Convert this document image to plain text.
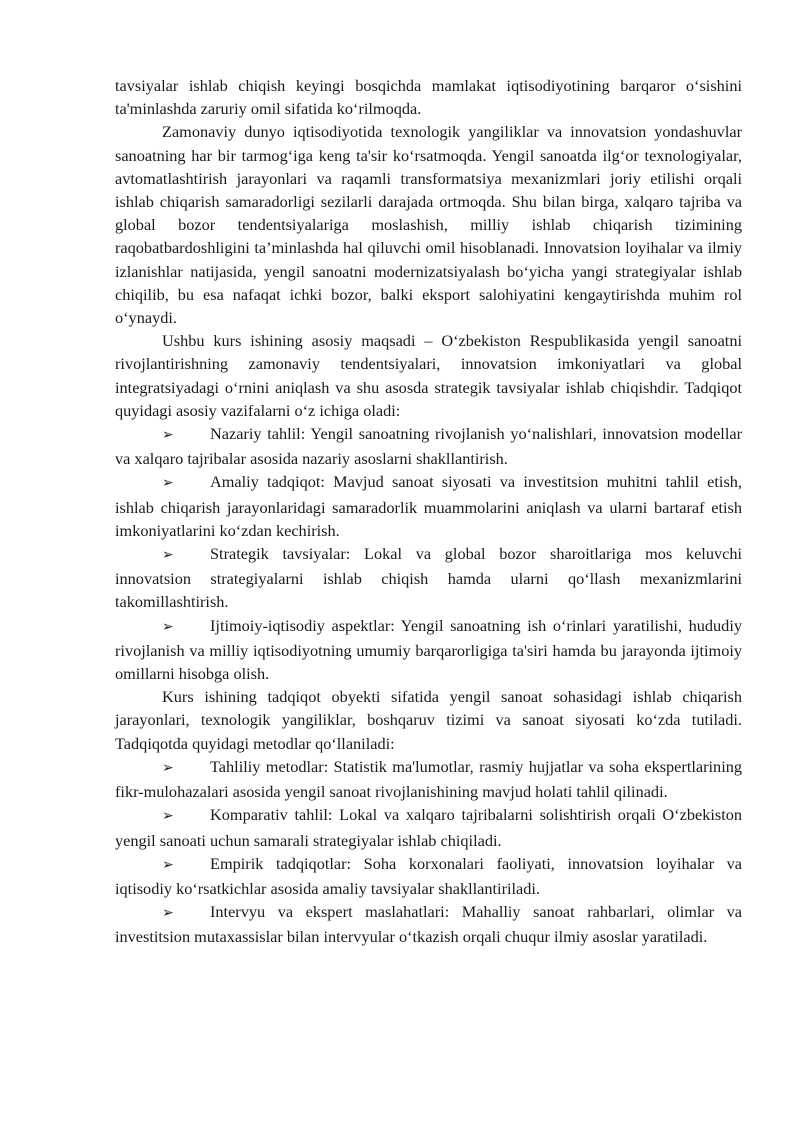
tavsiyalar ishlab chiqish keyingi bosqichda mamlakat iqtisodiyotining barqaror o‘sishini ta'minlashda zaruriy omil sifatida ko‘rilmoqda.

Zamonaviy dunyo iqtisodiyotida texnologik yangiliklar va innovatsion yondashuvlar sanoatning har bir tarmog‘iga keng ta'sir ko‘rsatmoqda. Yengil sanoatda ilg‘or texnologiyalar, avtomatlashtirish jarayonlari va raqamli transformatsiya mexanizmlari joriy etilishi orqali ishlab chiqarish samaradorligi sezilarli darajada ortmoqda. Shu bilan birga, xalqaro tajriba va global bozor tendentsiyalariga moslashish, milliy ishlab chiqarish tizimining raqobatbardoshligini ta’minlashda hal qiluvchi omil hisoblanadi. Innovatsion loyihalar va ilmiy izlanishlar natijasida, yengil sanoatni modernizatsiyalash bo‘yicha yangi strategiyalar ishlab chiqilib, bu esa nafaqat ichki bozor, balki eksport salohiyatini kengaytirishda muhim rol o‘ynaydi.

Ushbu kurs ishining asosiy maqsadi – O‘zbekiston Respublikasida yengil sanoatni rivojlantirishning zamonaviy tendentsiyalari, innovatsion imkoniyatlari va global integratsiyadagi o‘rnini aniqlash va shu asosda strategik tavsiyalar ishlab chiqishdir. Tadqiqot quyidagi asosiy vazifalarni o‘z ichiga oladi:

➢ Nazariy tahlil: Yengil sanoatning rivojlanish yo‘nalishlari, innovatsion modellar va xalqaro tajribalar asosida nazariy asoslarni shakllantirish.

➢ Amaliy tadqiqot: Mavjud sanoat siyosati va investitsion muhitni tahlil etish, ishlab chiqarish jarayonlaridagi samaradorlik muammolarini aniqlash va ularni bartaraf etish imkoniyatlarini ko‘zdan kechirish.

➢ Strategik tavsiyalar: Lokal va global bozor sharoitlariga mos keluvchi innovatsion strategiyalarni ishlab chiqish hamda ularni qo‘llash mexanizmlarini takomillashtirish.

➢ Ijtimoiy-iqtisodiy aspektlar: Yengil sanoatning ish o‘rinlari yaratilishi, hududiy rivojlanish va milliy iqtisodiyotning umumiy barqarorligiga ta'siri hamda bu jarayonda ijtimoiy omillarni hisobga olish.

Kurs ishining tadqiqot obyekti sifatida yengil sanoat sohasidagi ishlab chiqarish jarayonlari, texnologik yangiliklar, boshqaruv tizimi va sanoat siyosati ko‘zda tutiladi. Tadqiqotda quyidagi metodlar qo‘llaniladi:

➢ Tahliliy metodlar: Statistik ma'lumotlar, rasmiy hujjatlar va soha ekspertlarining fikr-mulohazalari asosida yengil sanoat rivojlanishining mavjud holati tahlil qilinadi.

➢ Komparativ tahlil: Lokal va xalqaro tajribalarni solishtirish orqali O‘zbekiston yengil sanoati uchun samarali strategiyalar ishlab chiqiladi.

➢ Empirik tadqiqotlar: Soha korxonalari faoliyati, innovatsion loyihalar va iqtisodiy ko‘rsatkichlar asosida amaliy tavsiyalar shakllantiriladi.

➢ Intervyu va ekspert maslahatlari: Mahalliy sanoat rahbarlari, olimlar va investitsion mutaxassislar bilan intervyular o‘tkazish orqali chuqur ilmiy asoslar yaratiladi.
